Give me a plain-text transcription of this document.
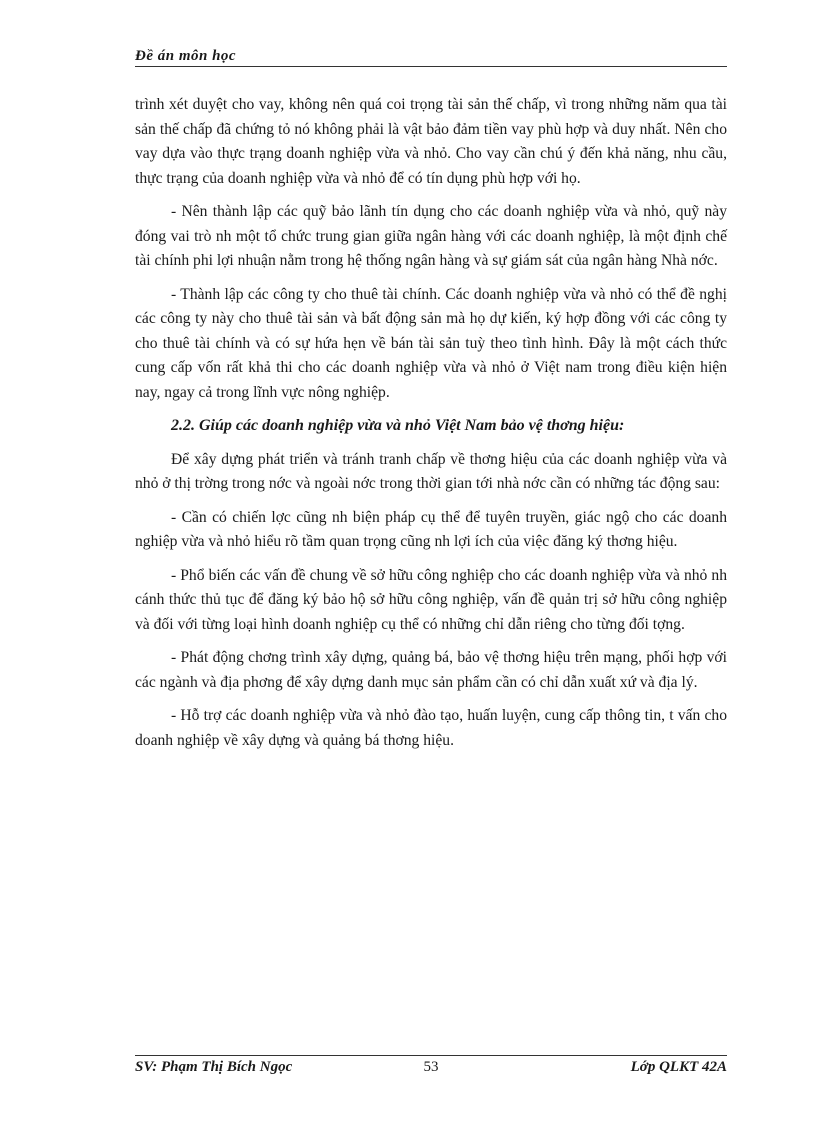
Đề án môn học

trình xét duyệt cho vay, không nên quá coi trọng tài sản thế chấp, vì trong những năm qua tài sản thế chấp đã chứng tỏ nó không phải là vật bảo đảm tiền vay phù hợp và duy nhất. Nên cho vay dựa vào thực trạng doanh nghiệp vừa và nhỏ. Cho vay cần chú ý đến khả năng, nhu cầu, thực trạng của doanh nghiệp vừa và nhỏ để có tín dụng phù hợp với họ.

- Nên thành lập các quỹ bảo lãnh tín dụng cho các doanh nghiệp vừa và nhỏ, quỹ này đóng vai trò nh một tổ chức trung gian giữa ngân hàng với các doanh nghiệp, là một định chế tài chính phi lợi nhuận nằm trong hệ thống ngân hàng và sự giám sát của ngân hàng Nhà nớc.

- Thành lập các công ty cho thuê tài chính. Các doanh nghiệp vừa và nhỏ có thể đề nghị các công ty này cho thuê tài sản và bất động sản mà họ dự kiến, ký hợp đồng với các công ty cho thuê tài chính và có sự hứa hẹn về bán tài sản tuỳ theo tình hình. Đây là một cách thức cung cấp vốn rất khả thi cho các doanh nghiệp vừa và nhỏ ở Việt nam trong điều kiện hiện nay, ngay cả trong lĩnh vực nông nghiệp.

2.2. Giúp các doanh nghiệp vừa và nhỏ Việt Nam bảo vệ thơng hiệu:

Để xây dựng phát triển và tránh tranh chấp về thơng hiệu của các doanh nghiệp vừa và nhỏ ở thị trờng trong nớc và ngoài nớc trong thời gian tới nhà nớc cần có những tác động sau:

- Cần có chiến lợc cũng nh biện pháp cụ thể để tuyên truyền, giác ngộ cho các doanh nghiệp vừa và nhỏ hiểu rõ tầm quan trọng cũng nh lợi ích của việc đăng ký thơng hiệu.

- Phổ biến các vấn đề chung về sở hữu công nghiệp cho các doanh nghiệp vừa và nhỏ nh cánh thức thủ tục để đăng ký bảo hộ sở hữu công nghiệp, vấn đề quản trị sở hữu công nghiệp và đối với từng loại hình doanh nghiệp cụ thể có những chỉ dẫn riêng cho từng đối tợng.

- Phát động chơng trình xây dựng, quảng bá, bảo vệ thơng hiệu trên mạng, phối hợp với các ngành và địa phơng để xây dựng danh mục sản phẩm cần có chỉ dẫn xuất xứ và địa lý.

- Hỗ trợ các doanh nghiệp vừa và nhỏ đào tạo, huấn luyện, cung cấp thông tin, t vấn cho doanh nghiệp về xây dựng và quảng bá thơng hiệu.

SV: Phạm Thị Bích Ngọc	53	Lớp QLKT 42A
